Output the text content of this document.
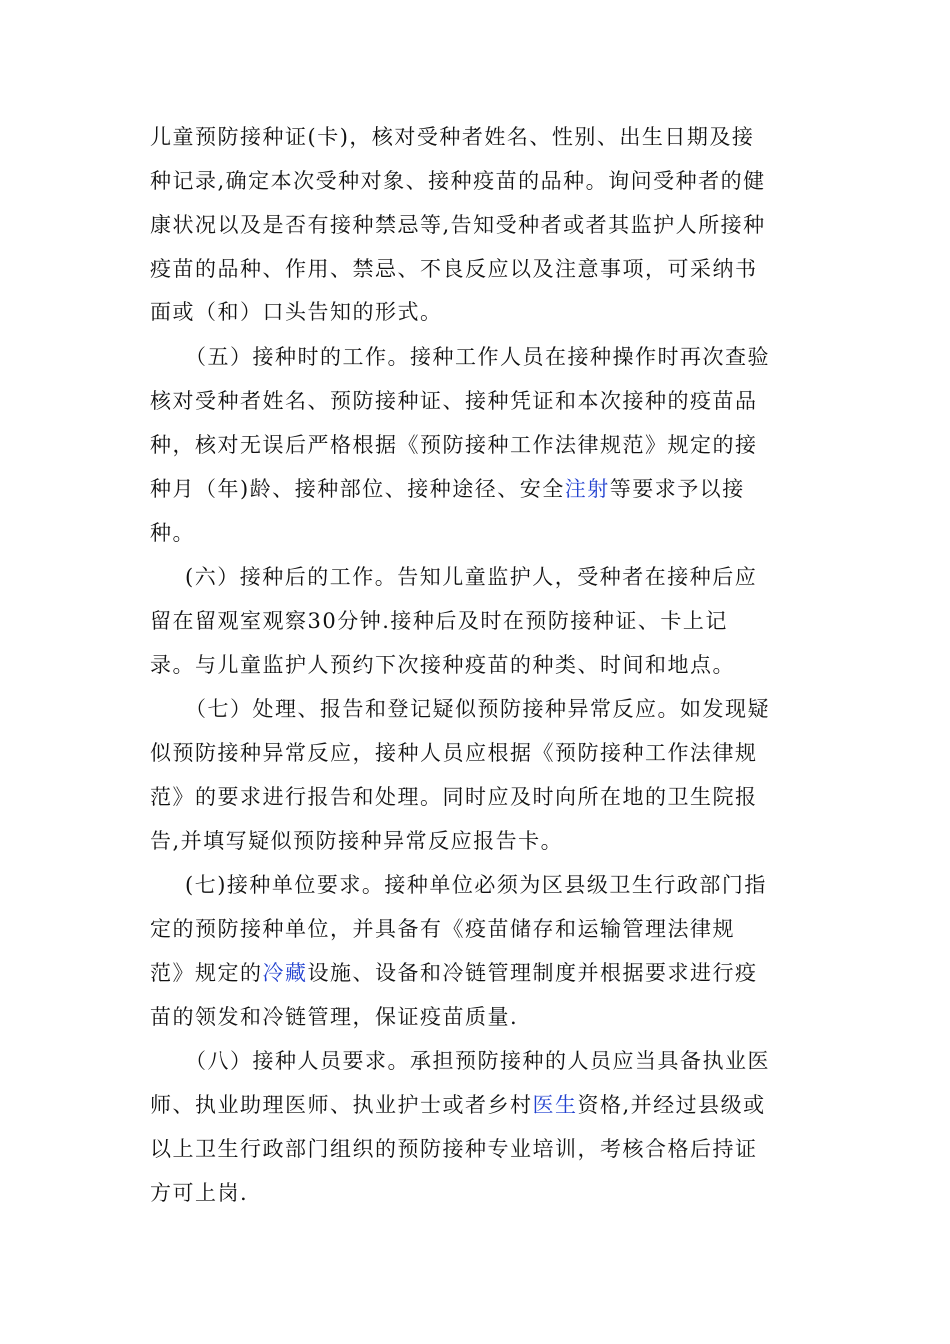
儿童预防接种证(卡)，核对受种者姓名、性别、出生日期及接
种记录,确定本次受种对象、接种疫苗的品种。询问受种者的健
康状况以及是否有接种禁忌等,告知受种者或者其监护人所接种
疫苗的品种、作用、禁忌、不良反应以及注意事项，可采纳书
面或（和）口头告知的形式。
（五）接种时的工作。接种工作人员在接种操作时再次查验
核对受种者姓名、预防接种证、接种凭证和本次接种的疫苗品
种，核对无误后严格根据《预防接种工作法律规范》规定的接
种月（年)龄、接种部位、接种途径、安全注射等要求予以接
种。
(六）接种后的工作。告知儿童监护人，受种者在接种后应
留在留观室观察30分钟.接种后及时在预防接种证、卡上记
录。与儿童监护人预约下次接种疫苗的种类、时间和地点。
（七）处理、报告和登记疑似预防接种异常反应。如发现疑
似预防接种异常反应，接种人员应根据《预防接种工作法律规
范》的要求进行报告和处理。同时应及时向所在地的卫生院报
告,并填写疑似预防接种异常反应报告卡。
(七)接种单位要求。接种单位必须为区县级卫生行政部门指
定的预防接种单位，并具备有《疫苗储存和运输管理法律规
范》规定的冷藏设施、设备和冷链管理制度并根据要求进行疫
苗的领发和冷链管理，保证疫苗质量.
（八）接种人员要求。承担预防接种的人员应当具备执业医
师、执业助理医师、执业护士或者乡村医生资格,并经过县级或
以上卫生行政部门组织的预防接种专业培训，考核合格后持证
方可上岗.
